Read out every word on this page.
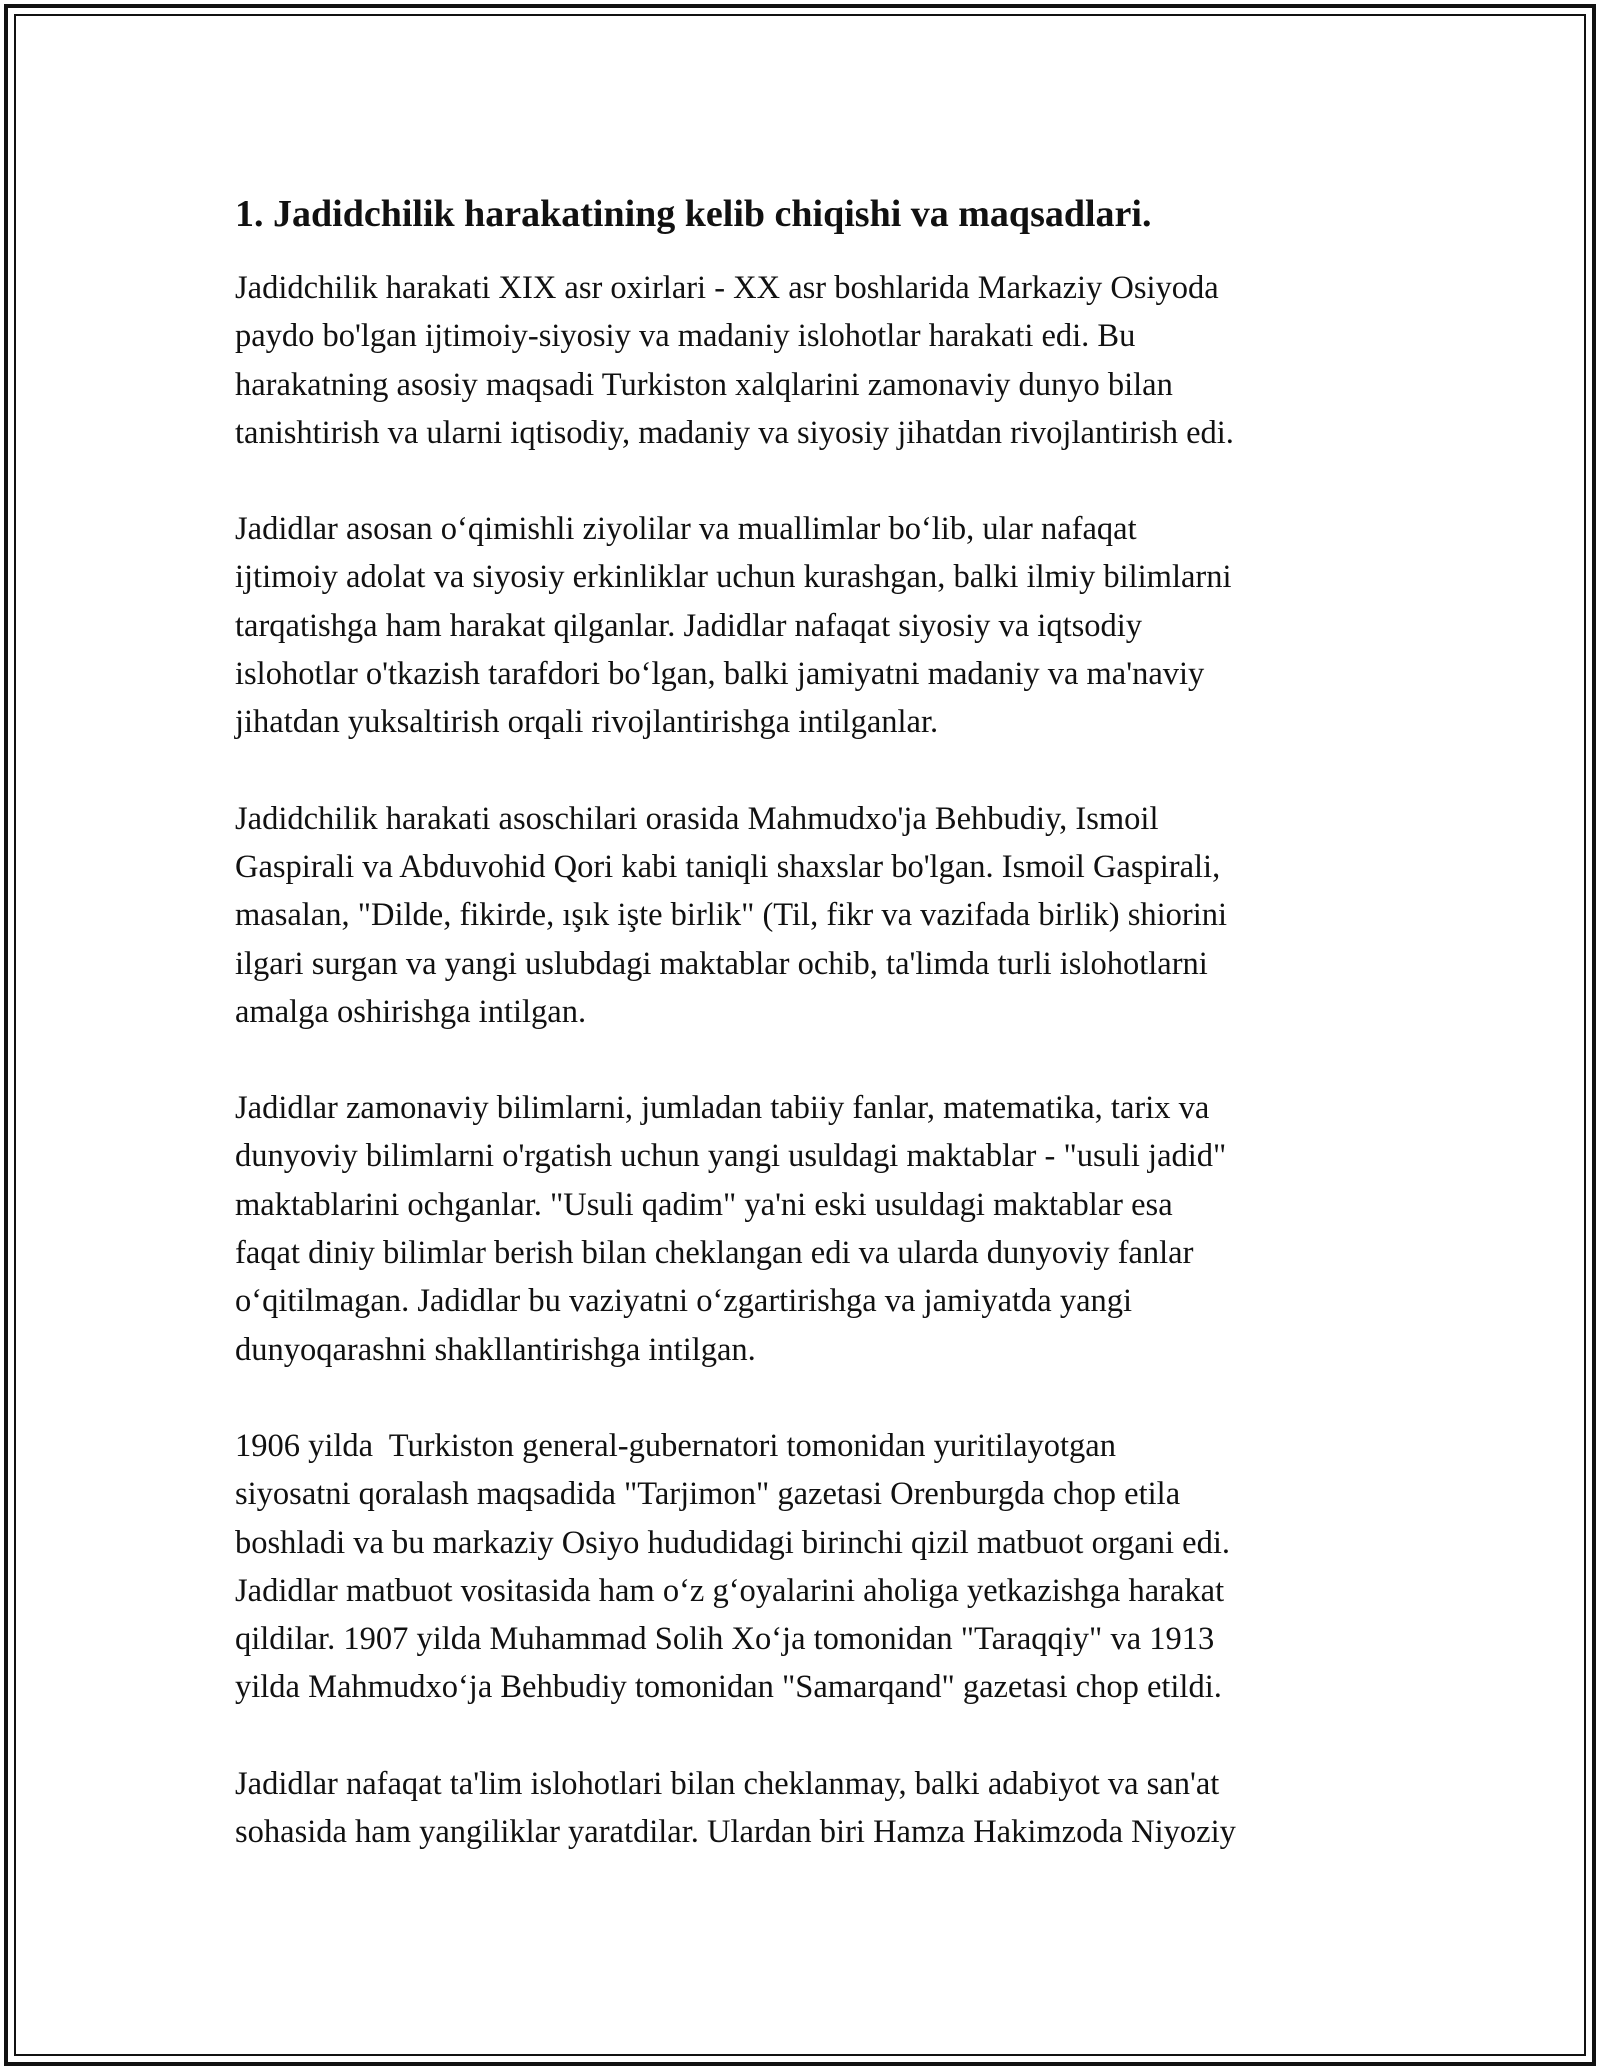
1. Jadidchilik harakatining kelib chiqishi va maqsadlari.

Jadidchilik harakati XIX asr oxirlari - XX asr boshlarida Markaziy Osiyoda
paydo bo'lgan ijtimoiy-siyosiy va madaniy islohotlar harakati edi. Bu
harakatning asosiy maqsadi Turkiston xalqlarini zamonaviy dunyo bilan
tanishtirish va ularni iqtisodiy, madaniy va siyosiy jihatdan rivojlantirish edi.

Jadidlar asosan oʻqimishli ziyolilar va muallimlar boʻlib, ular nafaqat
ijtimoiy adolat va siyosiy erkinliklar uchun kurashgan, balki ilmiy bilimlarni
tarqatishga ham harakat qilganlar. Jadidlar nafaqat siyosiy va iqtsodiy
islohotlar o'tkazish tarafdori boʻlgan, balki jamiyatni madaniy va ma'naviy
jihatdan yuksaltirish orqali rivojlantirishga intilganlar.

Jadidchilik harakati asoschilari orasida Mahmudxo'ja Behbudiy, Ismoil
Gaspirali va Abduvohid Qori kabi taniqli shaxslar bo'lgan. Ismoil Gaspirali,
masalan, "Dilde, fikirde, ışık işte birlik" (Til, fikr va vazifada birlik) shiorini
ilgari surgan va yangi uslubdagi maktablar ochib, ta'limda turli islohotlarni
amalga oshirishga intilgan.

Jadidlar zamonaviy bilimlarni, jumladan tabiiy fanlar, matematika, tarix va
dunyoviy bilimlarni o'rgatish uchun yangi usuldagi maktablar - "usuli jadid"
maktablarini ochganlar. "Usuli qadim" ya'ni eski usuldagi maktablar esa
faqat diniy bilimlar berish bilan cheklangan edi va ularda dunyoviy fanlar
oʻqitilmagan. Jadidlar bu vaziyatni oʻzgartirishga va jamiyatda yangi
dunyoqarashni shakllantirishga intilgan.

1906 yilda  Turkiston general-gubernatori tomonidan yuritilayotgan
siyosatni qoralash maqsadida "Tarjimon" gazetasi Orenburgda chop etila
boshladi va bu markaziy Osiyo hududidagi birinchi qizil matbuot organi edi.
Jadidlar matbuot vositasida ham oʻz gʻoyalarini aholiga yetkazishga harakat
qildilar. 1907 yilda Muhammad Solih Xoʻja tomonidan "Taraqqiy" va 1913
yilda Mahmudxoʻja Behbudiy tomonidan "Samarqand" gazetasi chop etildi.

Jadidlar nafaqat ta'lim islohotlari bilan cheklanmay, balki adabiyot va san'at
sohasida ham yangiliklar yaratdilar. Ulardan biri Hamza Hakimzoda Niyoziy
